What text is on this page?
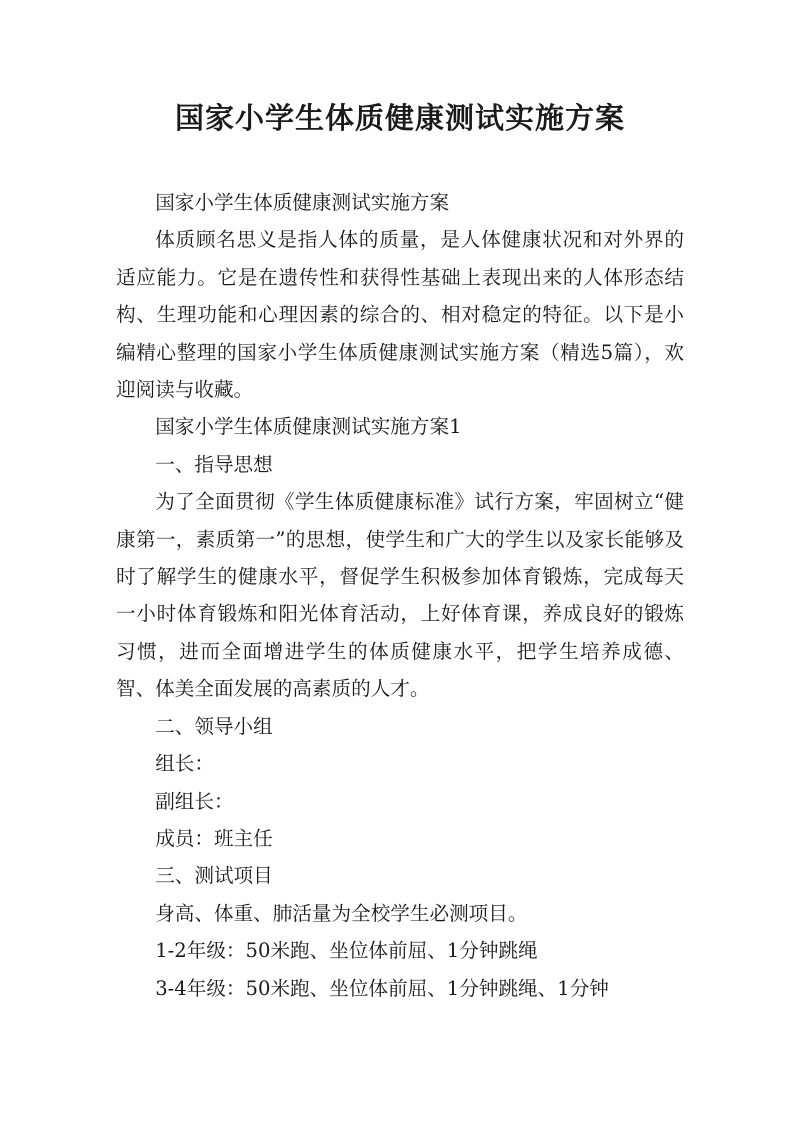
国家小学生体质健康测试实施方案

国家小学生体质健康测试实施方案

体质顾名思义是指人体的质量，是人体健康状况和对外界的适应能力。它是在遗传性和获得性基础上表现出来的人体形态结构、生理功能和心理因素的综合的、相对稳定的特征。以下是小编精心整理的国家小学生体质健康测试实施方案（精选5篇），欢迎阅读与收藏。

国家小学生体质健康测试实施方案1

一、指导思想

为了全面贯彻《学生体质健康标准》试行方案，牢固树立“健康第一，素质第一”的思想，使学生和广大的学生以及家长能够及时了解学生的健康水平，督促学生积极参加体育锻炼，完成每天一小时体育锻炼和阳光体育活动，上好体育课，养成良好的锻炼习惯，进而全面增进学生的体质健康水平，把学生培养成德、智、体美全面发展的高素质的人才。

二、领导小组

组长：

副组长：

成员：班主任

三、测试项目

身高、体重、肺活量为全校学生必测项目。

1-2年级：50米跑、坐位体前屈、1分钟跳绳

3-4年级：50米跑、坐位体前屈、1分钟跳绳、1分钟
